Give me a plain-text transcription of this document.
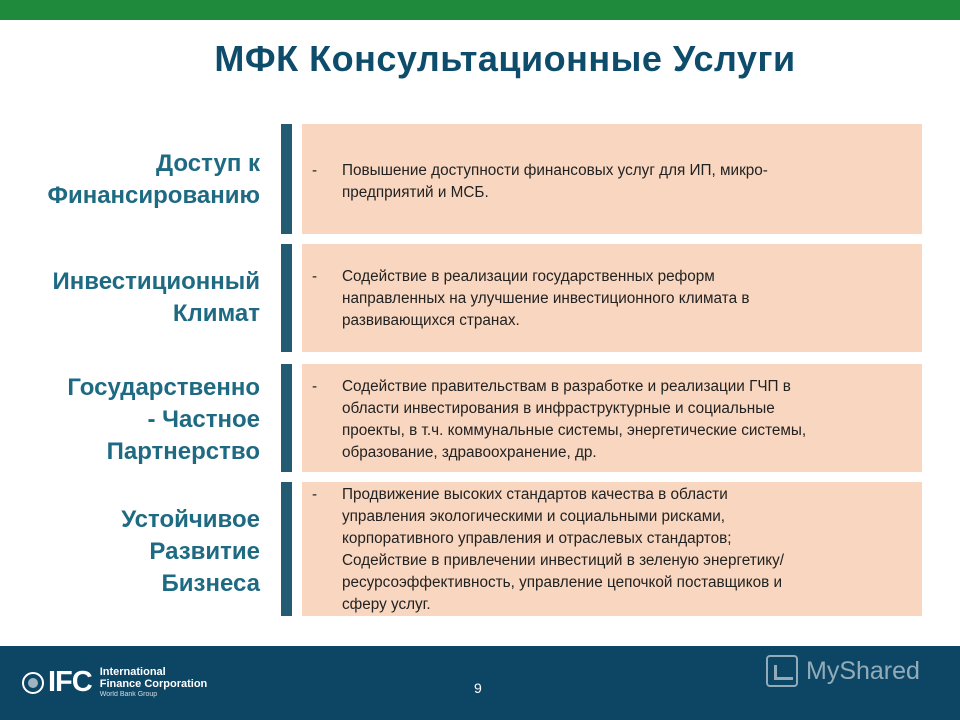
МФК Консультационные Услуги
Доступ к
Финансированию
-	Повышение доступности финансовых услуг для ИП, микро-
предприятий и МСБ.
Инвестиционный
Климат
-	Содействие в реализации государственных реформ
направленных на улучшение инвестиционного климата в
развивающихся странах.
Государственно
- Частное
Партнерство
-	Содействие правительствам в разработке и реализации ГЧП в
области инвестирования в инфраструктурные и социальные
проекты, в т.ч. коммунальные системы, энергетические системы,
образование, здравоохранение, др.
Устойчивое
Развитие
Бизнеса
-	Продвижение высоких стандартов качества в области
управления экологическими и социальными рисками,
корпоративного управления и отраслевых стандартов;
Содействие в привлечении инвестиций в зеленую энергетику/
ресурсоэффективность, управление цепочкой поставщиков и
сферу услуг.
IFC International
Finance Corporation
World Bank Group	9
MyShared
